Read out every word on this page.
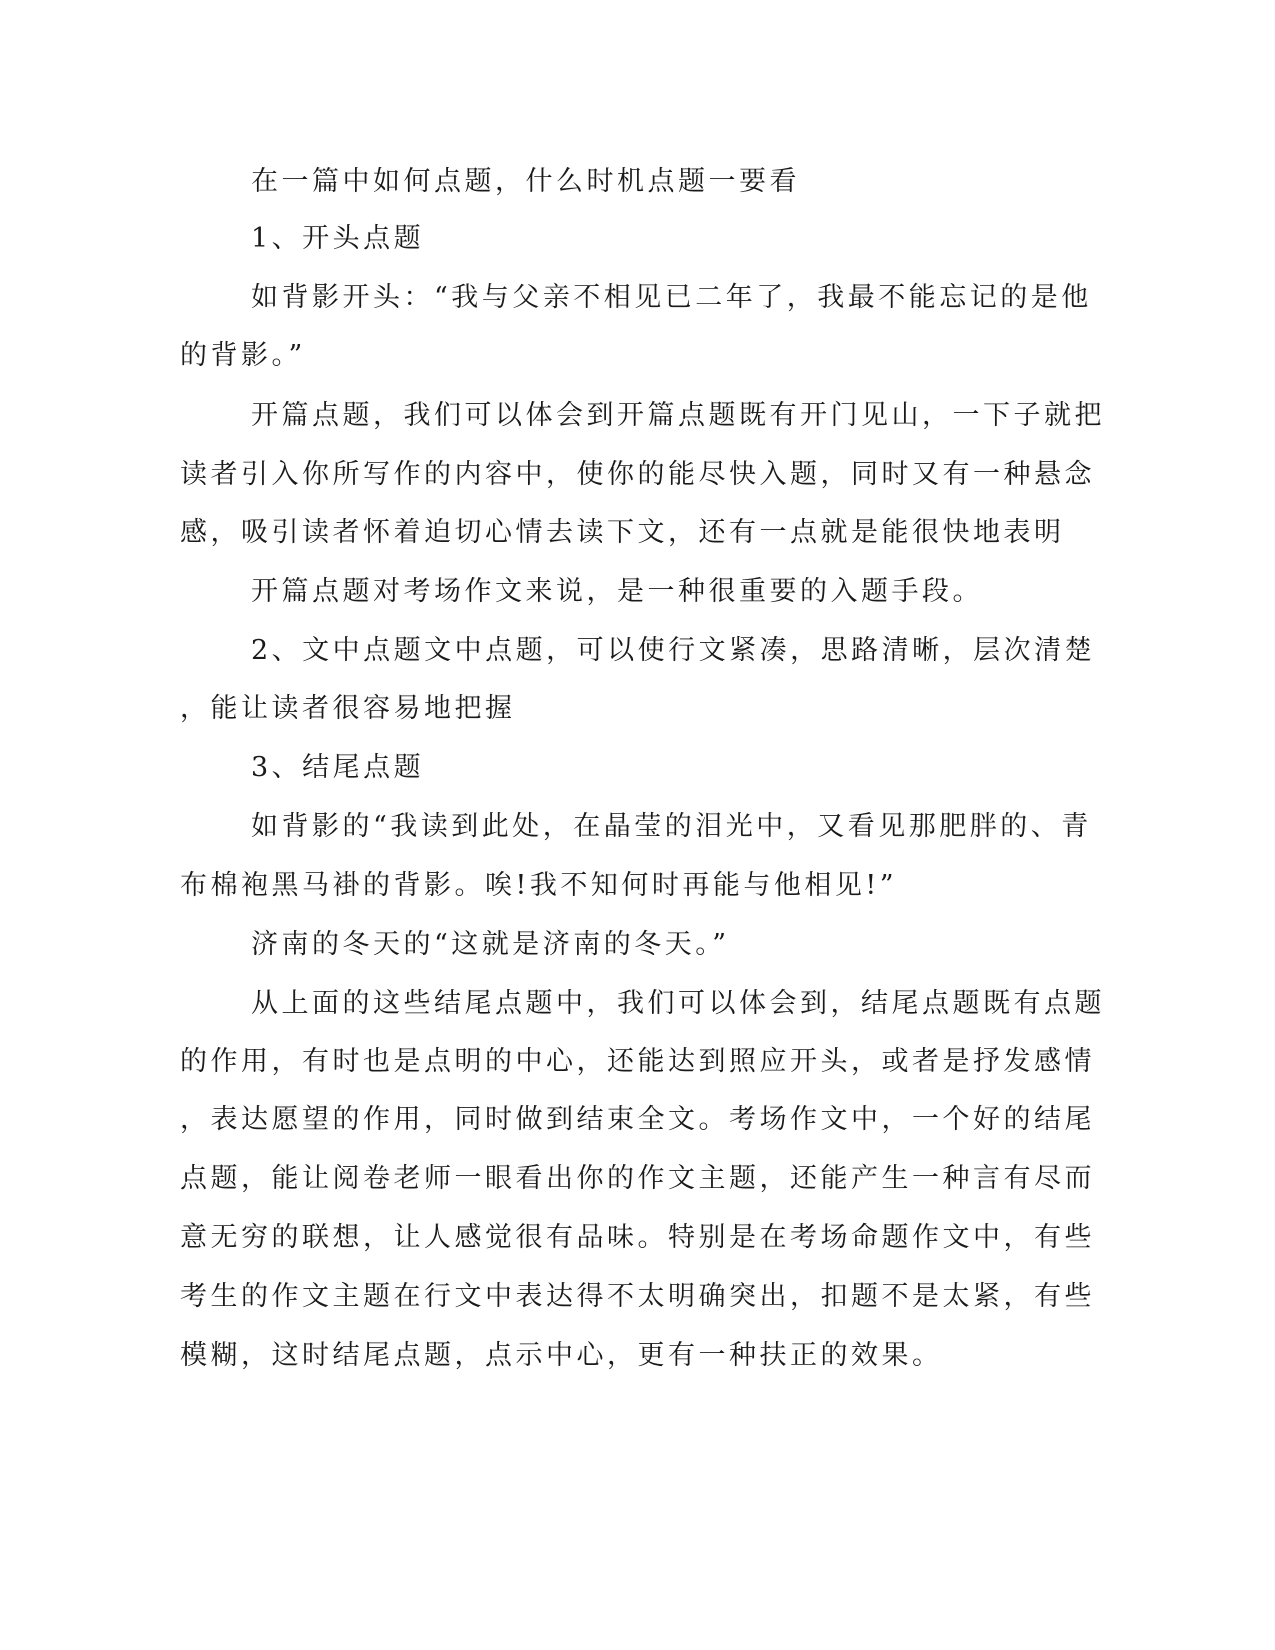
在一篇中如何点题，什么时机点题一要看

1、开头点题

如背影开头：“我与父亲不相见已二年了，我最不能忘记的是他

的背影。”

开篇点题，我们可以体会到开篇点题既有开门见山，一下子就把

读者引入你所写作的内容中，使你的能尽快入题，同时又有一种悬念

感，吸引读者怀着迫切心情去读下文，还有一点就是能很快地表明

开篇点题对考场作文来说，是一种很重要的入题手段。

2、文中点题文中点题，可以使行文紧凑，思路清晰，层次清楚

，能让读者很容易地把握

3、结尾点题

如背影的“我读到此处，在晶莹的泪光中，又看见那肥胖的、青

布棉袍黑马褂的背影。唉!我不知何时再能与他相见!”

济南的冬天的“这就是济南的冬天。”

从上面的这些结尾点题中，我们可以体会到，结尾点题既有点题

的作用，有时也是点明的中心，还能达到照应开头，或者是抒发感情

，表达愿望的作用，同时做到结束全文。考场作文中，一个好的结尾

点题，能让阅卷老师一眼看出你的作文主题，还能产生一种言有尽而

意无穷的联想，让人感觉很有品味。特别是在考场命题作文中，有些

考生的作文主题在行文中表达得不太明确突出，扣题不是太紧，有些

模糊，这时结尾点题，点示中心，更有一种扶正的效果。
